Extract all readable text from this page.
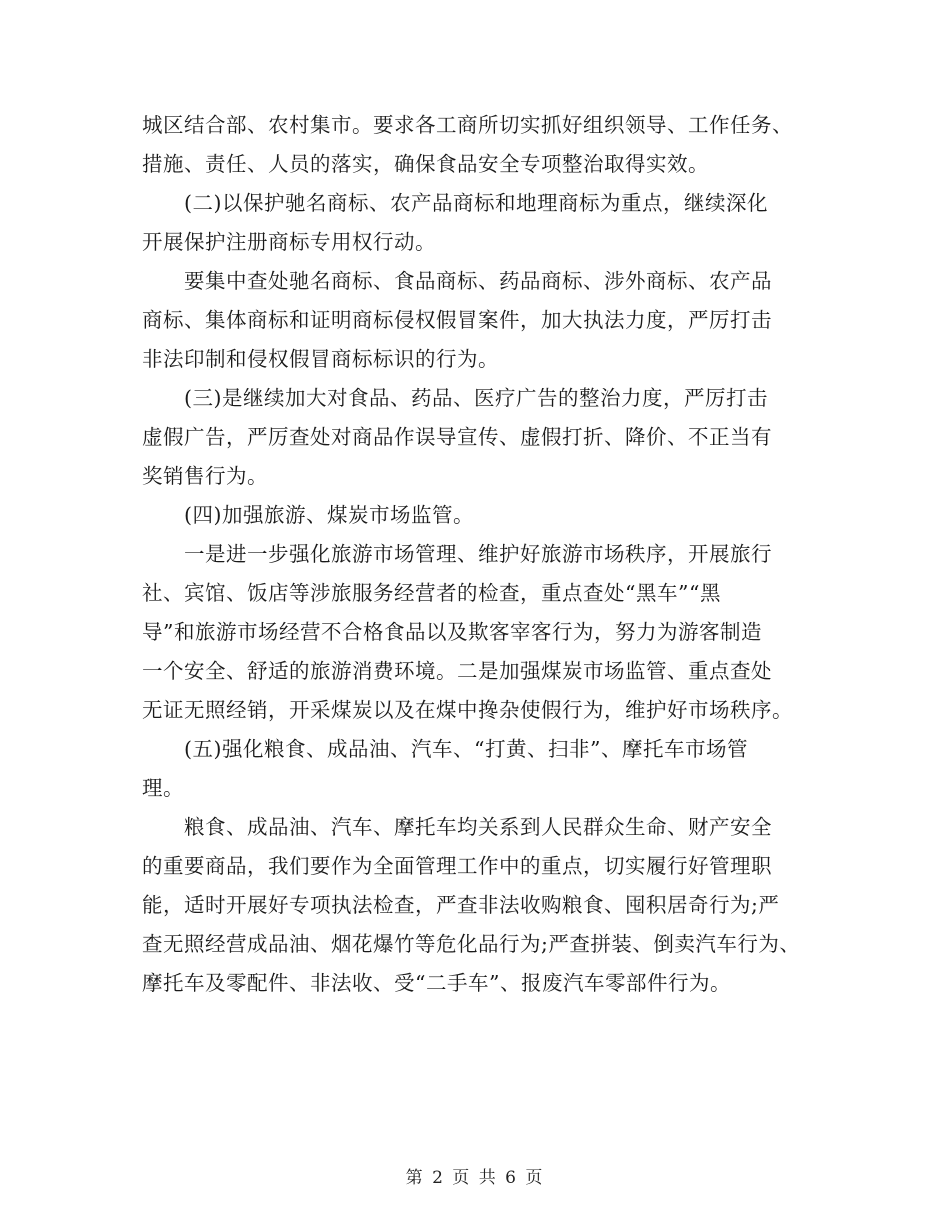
城区结合部、农村集市。要求各工商所切实抓好组织领导、工作任务、
措施、责任、人员的落实，确保食品安全专项整治取得实效。
(二)以保护驰名商标、农产品商标和地理商标为重点，继续深化
开展保护注册商标专用权行动。
要集中查处驰名商标、食品商标、药品商标、涉外商标、农产品
商标、集体商标和证明商标侵权假冒案件，加大执法力度，严厉打击
非法印制和侵权假冒商标标识的行为。
(三)是继续加大对食品、药品、医疗广告的整治力度，严厉打击
虚假广告，严厉查处对商品作误导宣传、虚假打折、降价、不正当有
奖销售行为。
(四)加强旅游、煤炭市场监管。
一是进一步强化旅游市场管理、维护好旅游市场秩序，开展旅行
社、宾馆、饭店等涉旅服务经营者的检查，重点查处“黑车”“黑
导”和旅游市场经营不合格食品以及欺客宰客行为，努力为游客制造
一个安全、舒适的旅游消费环境。二是加强煤炭市场监管、重点查处
无证无照经销，开采煤炭以及在煤中搀杂使假行为，维护好市场秩序。
(五)强化粮食、成品油、汽车、“打黄、扫非”、摩托车市场管
理。
粮食、成品油、汽车、摩托车均关系到人民群众生命、财产安全
的重要商品，我们要作为全面管理工作中的重点，切实履行好管理职
能，适时开展好专项执法检查，严查非法收购粮食、囤积居奇行为;严
查无照经营成品油、烟花爆竹等危化品行为;严查拼装、倒卖汽车行为、
摩托车及零配件、非法收、受“二手车”、报废汽车零部件行为。
第 2 页 共 6 页
